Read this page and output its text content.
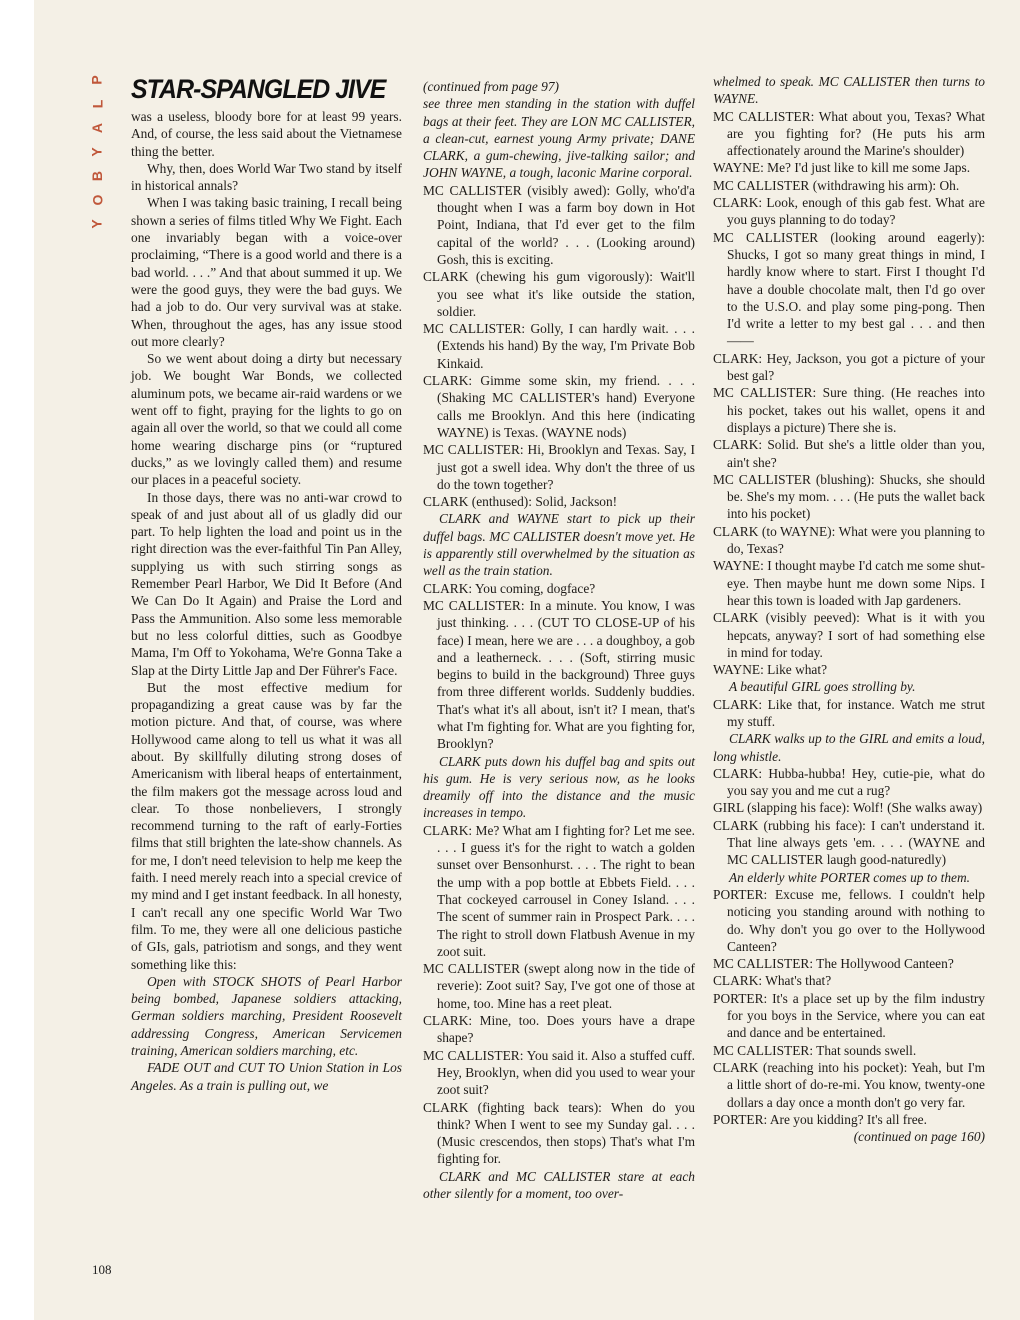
P
L
A
Y
B
O
Y
STAR-SPANGLED JIVE

was a useless, bloody bore for at least 99 years. And, of course, the less said about the Vietnamese thing the better.

Why, then, does World War Two stand by itself in historical annals?

When I was taking basic training, I recall being shown a series of films titled Why We Fight. Each one invariably began with a voice-over proclaiming, “There is a good world and there is a bad world. . . .” And that about summed it up. We were the good guys, they were the bad guys. We had a job to do. Our very survival was at stake. When, throughout the ages, has any issue stood out more clearly?

So we went about doing a dirty but necessary job. We bought War Bonds, we collected aluminum pots, we became air-raid wardens or we went off to fight, praying for the lights to go on again all over the world, so that we could all come home wearing discharge pins (or “ruptured ducks,” as we lovingly called them) and resume our places in a peaceful society.

In those days, there was no anti-war crowd to speak of and just about all of us gladly did our part. To help lighten the load and point us in the right direction was the ever-faithful Tin Pan Alley, supplying us with such stirring songs as Remember Pearl Harbor, We Did It Before (And We Can Do It Again) and Praise the Lord and Pass the Ammunition. Also some less memorable but no less colorful ditties, such as Goodbye Mama, I'm Off to Yokohama, We're Gonna Take a Slap at the Dirty Little Jap and Der Führer's Face.

But the most effective medium for propagandizing a great cause was by far the motion picture. And that, of course, was where Hollywood came along to tell us what it was all about. By skillfully diluting strong doses of Americanism with liberal heaps of entertainment, the film makers got the message across loud and clear. To those nonbelievers, I strongly recommend turning to the raft of early-Forties films that still brighten the late-show channels. As for me, I don't need television to help me keep the faith. I need merely reach into a special crevice of my mind and I get instant feedback. In all honesty, I can't recall any one specific World War Two film. To me, they were all one delicious pastiche of GIs, gals, patriotism and songs, and they went something like this:

Open with STOCK SHOTS of Pearl Harbor being bombed, Japanese soldiers attacking, German soldiers marching, President Roosevelt addressing Congress, American Servicemen training, American soldiers marching, etc.

FADE OUT and CUT TO Union Station in Los Angeles. As a train is pulling out, we

(continued from page 97)

see three men standing in the station with duffel bags at their feet. They are LON MC CALLISTER, a clean-cut, earnest young Army private; DANE CLARK, a gum-chewing, jive-talking sailor; and JOHN WAYNE, a tough, laconic Marine corporal.

MC CALLISTER (visibly awed): Golly, who'd'a thought when I was a farm boy down in Hot Point, Indiana, that I'd ever get to the film capital of the world? . . . (Looking around) Gosh, this is exciting.

CLARK (chewing his gum vigorously): Wait'll you see what it's like outside the station, soldier.

MC CALLISTER: Golly, I can hardly wait. . . . (Extends his hand) By the way, I'm Private Bob Kinkaid.

CLARK: Gimme some skin, my friend. . . . (Shaking MC CALLISTER's hand) Everyone calls me Brooklyn. And this here (indicating WAYNE) is Texas. (WAYNE nods)

MC CALLISTER: Hi, Brooklyn and Texas. Say, I just got a swell idea. Why don't the three of us do the town together?

CLARK (enthused): Solid, Jackson!

CLARK and WAYNE start to pick up their duffel bags. MC CALLISTER doesn't move yet. He is apparently still overwhelmed by the situation as well as the train station.

CLARK: You coming, dogface?

MC CALLISTER: In a minute. You know, I was just thinking. . . . (CUT TO CLOSE-UP of his face) I mean, here we are . . . a doughboy, a gob and a leatherneck. . . . (Soft, stirring music begins to build in the background) Three guys from three different worlds. Suddenly buddies. That's what it's all about, isn't it? I mean, that's what I'm fighting for. What are you fighting for, Brooklyn?

CLARK puts down his duffel bag and spits out his gum. He is very serious now, as he looks dreamily off into the distance and the music increases in tempo.

CLARK: Me? What am I fighting for? Let me see. . . . I guess it's for the right to watch a golden sunset over Bensonhurst. . . . The right to bean the ump with a pop bottle at Ebbets Field. . . . That cockeyed carrousel in Coney Island. . . . The scent of summer rain in Prospect Park. . . . The right to stroll down Flatbush Avenue in my zoot suit.

MC CALLISTER (swept along now in the tide of reverie): Zoot suit? Say, I've got one of those at home, too. Mine has a reet pleat.

CLARK: Mine, too. Does yours have a drape shape?

MC CALLISTER: You said it. Also a stuffed cuff. Hey, Brooklyn, when did you used to wear your zoot suit?

CLARK (fighting back tears): When do you think? When I went to see my Sunday gal. . . . (Music crescendos, then stops) That's what I'm fighting for.

CLARK and MC CALLISTER stare at each other silently for a moment, too over-

whelmed to speak. MC CALLISTER then turns to WAYNE.

MC CALLISTER: What about you, Texas? What are you fighting for? (He puts his arm affectionately around the Marine's shoulder)

WAYNE: Me? I'd just like to kill me some Japs.

MC CALLISTER (withdrawing his arm): Oh.

CLARK: Look, enough of this gab fest. What are you guys planning to do today?

MC CALLISTER (looking around eagerly): Shucks, I got so many great things in mind, I hardly know where to start. First I thought I'd have a double chocolate malt, then I'd go over to the U.S.O. and play some ping-pong. Then I'd write a letter to my best gal . . . and then——

CLARK: Hey, Jackson, you got a picture of your best gal?

MC CALLISTER: Sure thing. (He reaches into his pocket, takes out his wallet, opens it and displays a picture) There she is.

CLARK: Solid. But she's a little older than you, ain't she?

MC CALLISTER (blushing): Shucks, she should be. She's my mom. . . . (He puts the wallet back into his pocket)

CLARK (to WAYNE): What were you planning to do, Texas?

WAYNE: I thought maybe I'd catch me some shut-eye. Then maybe hunt me down some Nips. I hear this town is loaded with Jap gardeners.

CLARK (visibly peeved): What is it with you hepcats, anyway? I sort of had something else in mind for today.

WAYNE: Like what?

A beautiful GIRL goes strolling by.

CLARK: Like that, for instance. Watch me strut my stuff.

CLARK walks up to the GIRL and emits a loud, long whistle.

CLARK: Hubba-hubba! Hey, cutie-pie, what do you say you and me cut a rug?

GIRL (slapping his face): Wolf! (She walks away)

CLARK (rubbing his face): I can't understand it. That line always gets 'em. . . . (WAYNE and MC CALLISTER laugh good-naturedly)

An elderly white PORTER comes up to them.

PORTER: Excuse me, fellows. I couldn't help noticing you standing around with nothing to do. Why don't you go over to the Hollywood Canteen?

MC CALLISTER: The Hollywood Canteen?

CLARK: What's that?

PORTER: It's a place set up by the film industry for you boys in the Service, where you can eat and dance and be entertained.

MC CALLISTER: That sounds swell.

CLARK (reaching into his pocket): Yeah, but I'm a little short of do-re-mi. You know, twenty-one dollars a day once a month don't go very far.

PORTER: Are you kidding? It's all free.

(continued on page 160)

108
